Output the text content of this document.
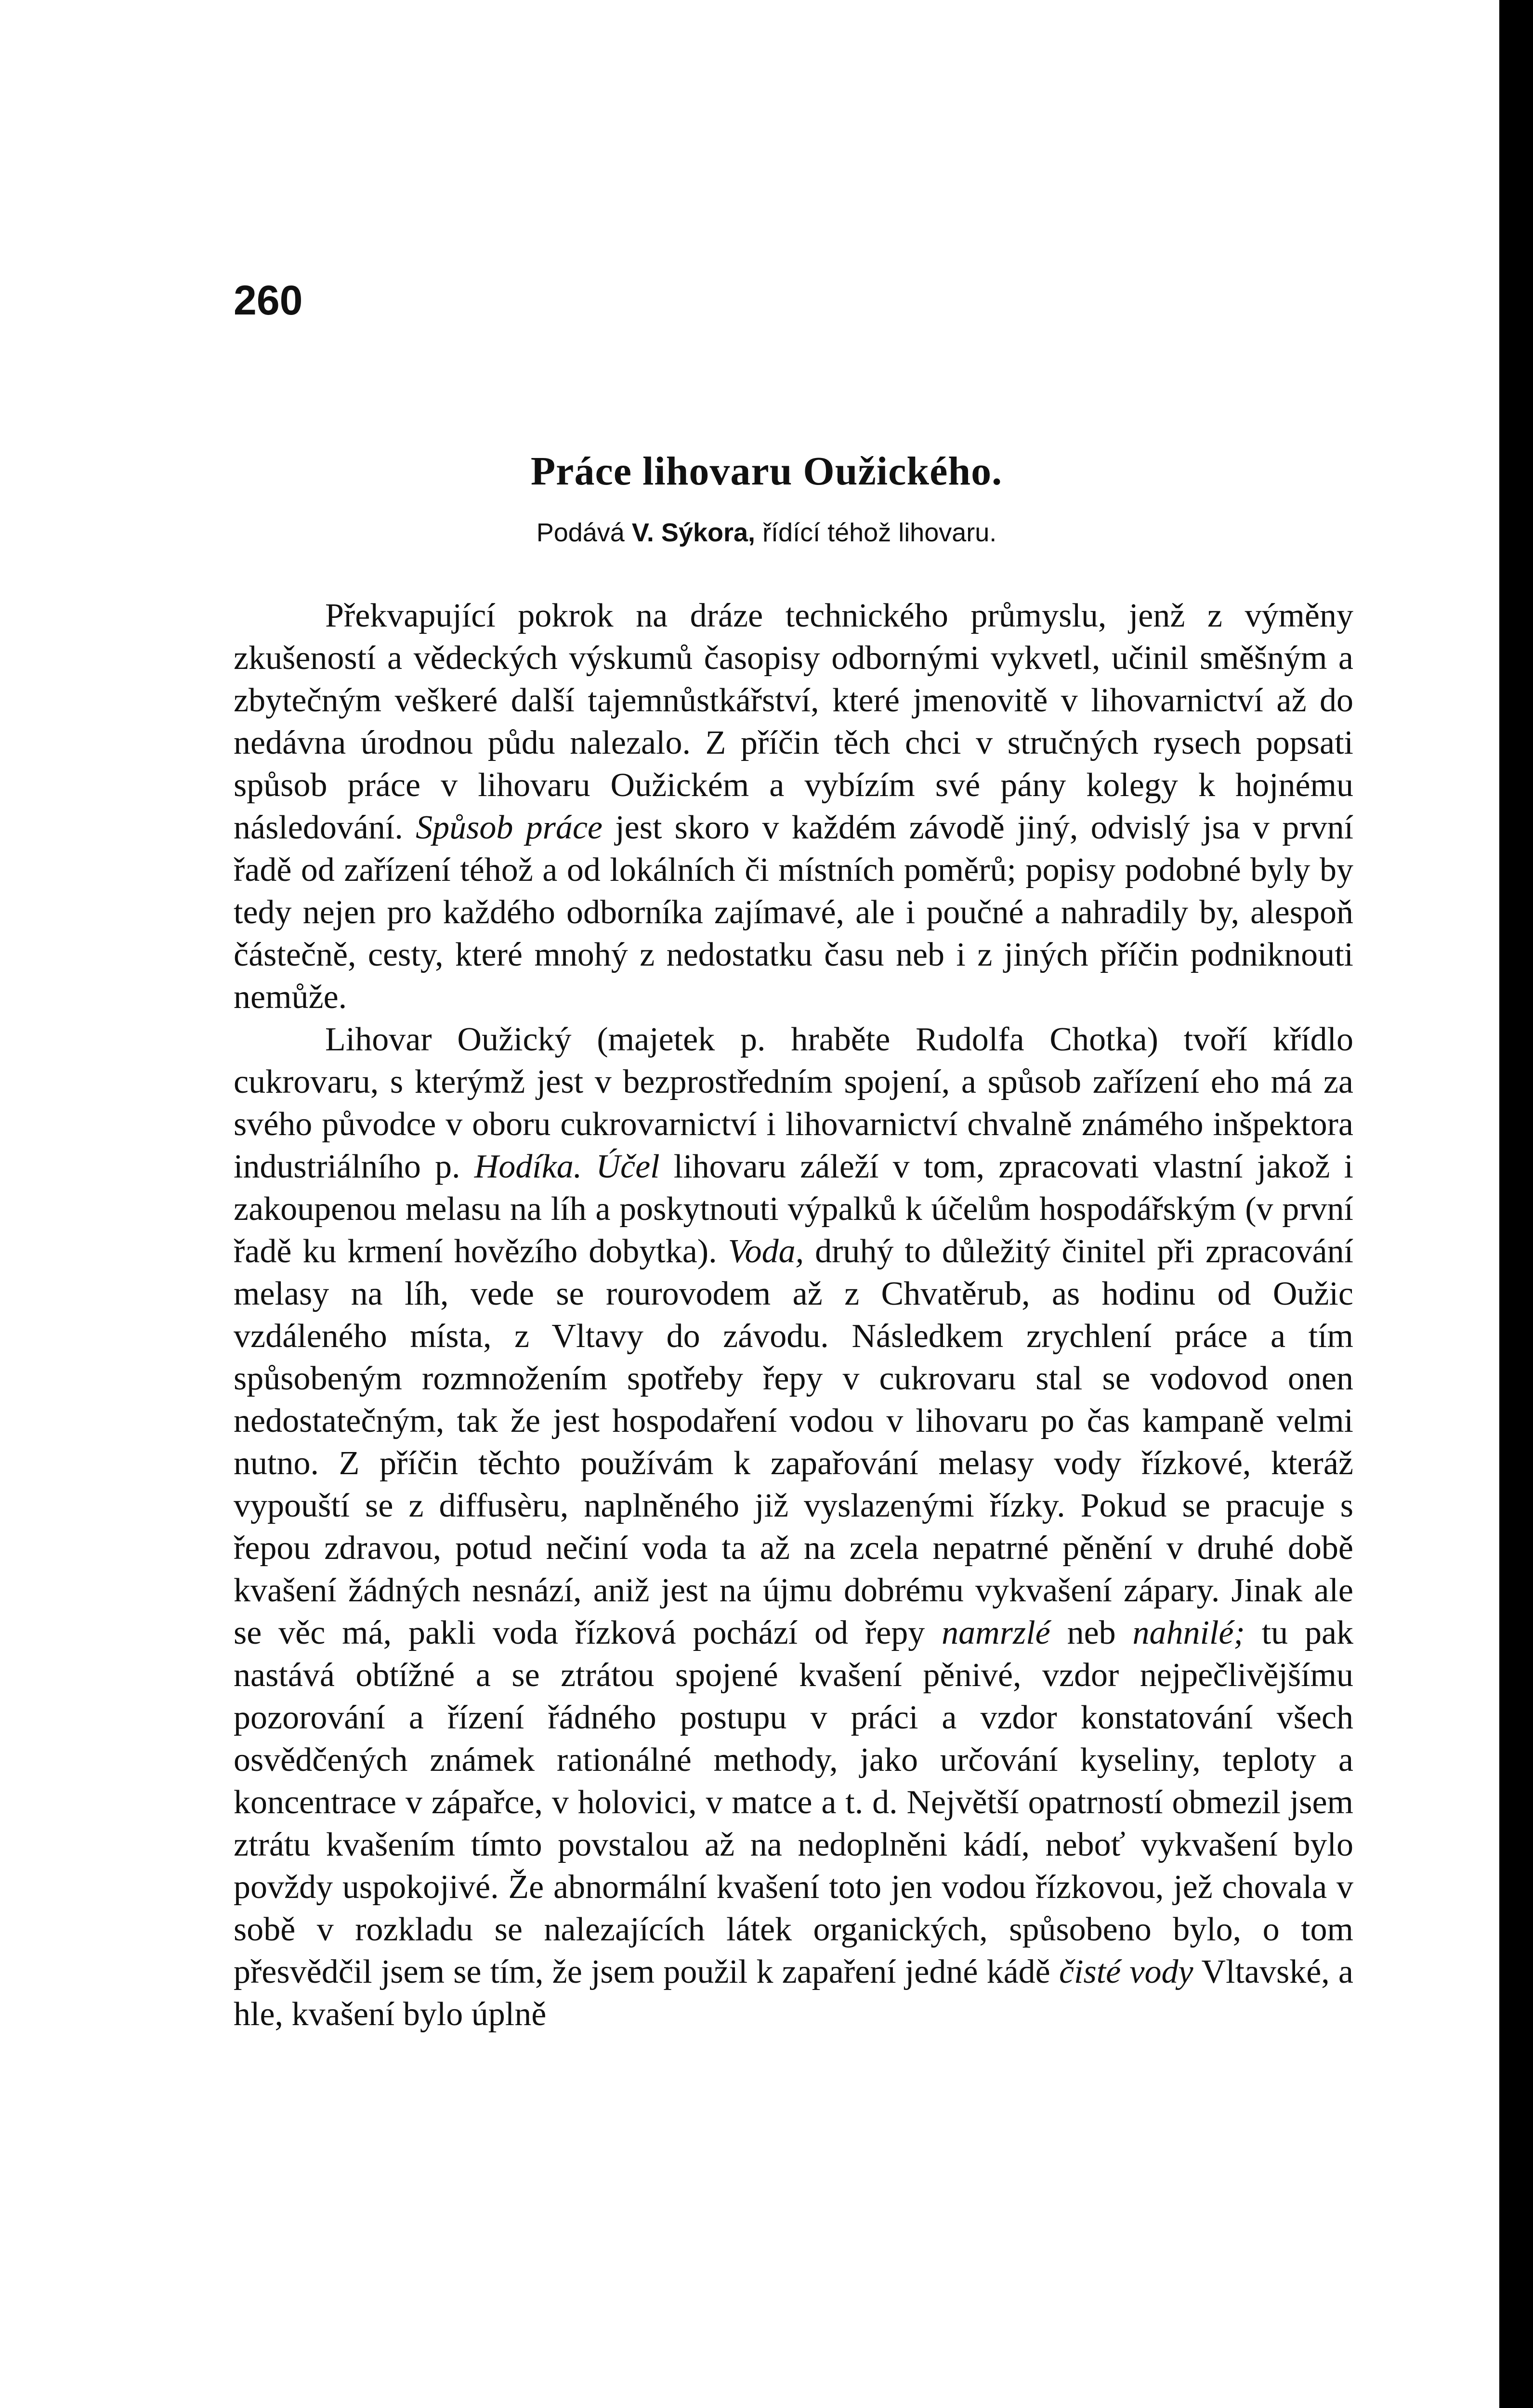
260
Práce lihovaru Oužického.
Podává V. Sýkora, řídící téhož lihovaru.

Překvapující pokrok na dráze technického průmyslu, jenž z výměny zkušeností a vědeckých výskumů časopisy odbornými vykvetl, učinil směšným a zbytečným veškeré další tajemnůstkářství, které jmenovitě v lihovarnictví až do nedávna úrodnou půdu nalezalo. Z příčin těch chci v stručných rysech popsati spůsob práce v lihovaru Oužickém a vybízím své pány kolegy k hojnému následování. Spůsob práce jest skoro v každém závodě jiný, odvislý jsa v první řadě od zařízení téhož a od lokálních či místních poměrů; popisy podobné byly by tedy nejen pro každého odborníka zajímavé, ale i poučné a nahradily by, alespoň částečně, cesty, které mnohý z nedostatku času neb i z jiných příčin podniknouti nemůže.

Lihovar Oužický (majetek p. hraběte Rudolfa Chotka) tvoří křídlo cukrovaru, s kterýmž jest v bezprostředním spojení, a spůsob zařízení eho má za svého původce v oboru cukrovarnictví i lihovarnictví chvalně známého inšpektora industriálního p. Hodíka. Účel lihovaru záleží v tom, zpracovati vlastní jakož i zakoupenou melasu na líh a poskytnouti výpalků k účelům hospodářským (v první řadě ku krmení hovězího dobytka). Voda, druhý to důležitý činitel při zpracování melasy na líh, vede se rourovodem až z Chvatěrub, as hodinu od Oužic vzdáleného místa, z Vltavy do závodu. Následkem zrychlení práce a tím spůsobeným rozmnožením spotřeby řepy v cukrovaru stal se vodovod onen nedostatečným, tak že jest hospodaření vodou v lihovaru po čas kampaně velmi nutno. Z příčin těchto používám k zapařování melasy vody řízkové, kteráž vypouští se z diffusèru, naplněného již vyslazenými řízky. Pokud se pracuje s řepou zdravou, potud nečiní voda ta až na zcela nepatrné pěnění v druhé době kvašení žádných nesnází, aniž jest na újmu dobrému vykvašení zápary. Jinak ale se věc má, pakli voda řízková pochází od řepy namrzlé neb nahnilé; tu pak nastává obtížné a se ztrátou spojené kvašení pěnivé, vzdor nejpečlivějšímu pozorování a řízení řádného postupu v práci a vzdor konstatování všech osvědčených známek rationálné methody, jako určování kyseliny, teploty a koncentrace v zápařce, v holovici, v matce a t. d. Největší opatrností obmezil jsem ztrátu kvašením tímto povstalou až na nedoplněni kádí, neboť vykvašení bylo povždy uspokojivé. Že abnormální kvašení toto jen vodou řízkovou, jež chovala v sobě v rozkladu se nalezajících látek organických, spůsobeno bylo, o tom přesvědčil jsem se tím, že jsem použil k zapaření jedné kádě čisté vody Vltavské, a hle, kvašení bylo úplně
